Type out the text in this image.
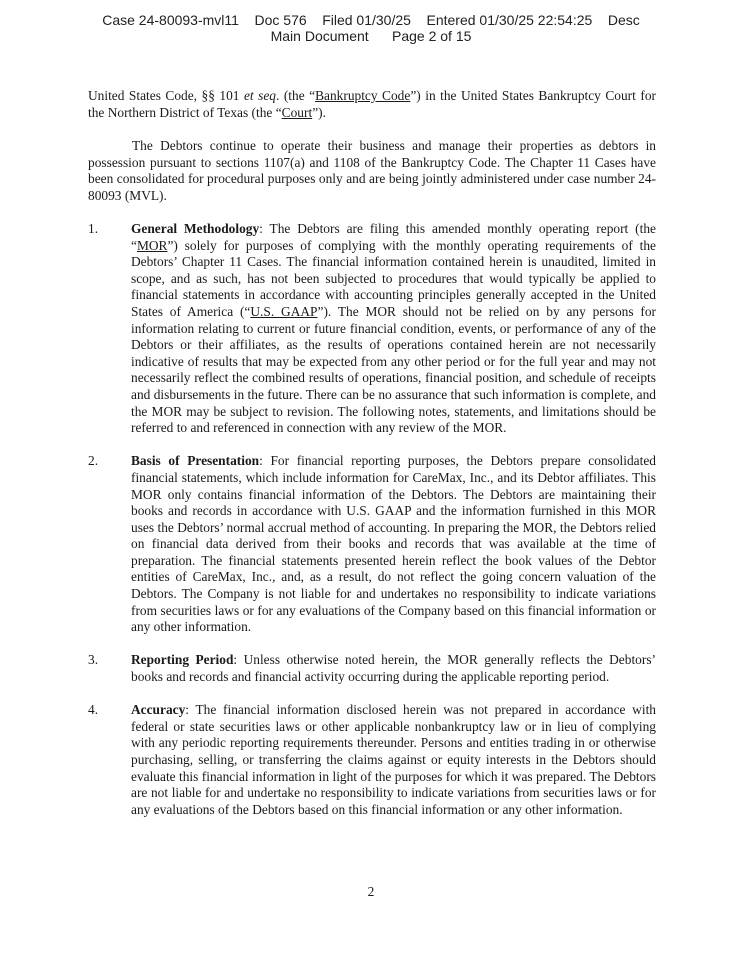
Case 24-80093-mvl11    Doc 576    Filed 01/30/25    Entered 01/30/25 22:54:25    Desc
Main Document      Page 2 of 15

United States Code, §§ 101 et seq. (the “Bankruptcy Code”) in the United States Bankruptcy Court for the Northern District of Texas (the “Court”).

The Debtors continue to operate their business and manage their properties as debtors in possession pursuant to sections 1107(a) and 1108 of the Bankruptcy Code. The Chapter 11 Cases have been consolidated for procedural purposes only and are being jointly administered under case number 24-80093 (MVL).

1. General Methodology: The Debtors are filing this amended monthly operating report (the “MOR”) solely for purposes of complying with the monthly operating requirements of the Debtors’ Chapter 11 Cases. The financial information contained herein is unaudited, limited in scope, and as such, has not been subjected to procedures that would typically be applied to financial statements in accordance with accounting principles generally accepted in the United States of America (“U.S. GAAP”). The MOR should not be relied on by any persons for information relating to current or future financial condition, events, or performance of any of the Debtors or their affiliates, as the results of operations contained herein are not necessarily indicative of results that may be expected from any other period or for the full year and may not necessarily reflect the combined results of operations, financial position, and schedule of receipts and disbursements in the future. There can be no assurance that such information is complete, and the MOR may be subject to revision. The following notes, statements, and limitations should be referred to and referenced in connection with any review of the MOR.
2. Basis of Presentation: For financial reporting purposes, the Debtors prepare consolidated financial statements, which include information for CareMax, Inc., and its Debtor affiliates. This MOR only contains financial information of the Debtors. The Debtors are maintaining their books and records in accordance with U.S. GAAP and the information furnished in this MOR uses the Debtors’ normal accrual method of accounting. In preparing the MOR, the Debtors relied on financial data derived from their books and records that was available at the time of preparation. The financial statements presented herein reflect the book values of the Debtor entities of CareMax, Inc., and, as a result, do not reflect the going concern valuation of the Debtors. The Company is not liable for and undertakes no responsibility to indicate variations from securities laws or for any evaluations of the Company based on this financial information or any other information.
3. Reporting Period: Unless otherwise noted herein, the MOR generally reflects the Debtors’ books and records and financial activity occurring during the applicable reporting period.
4. Accuracy: The financial information disclosed herein was not prepared in accordance with federal or state securities laws or other applicable nonbankruptcy law or in lieu of complying with any periodic reporting requirements thereunder. Persons and entities trading in or otherwise purchasing, selling, or transferring the claims against or equity interests in the Debtors should evaluate this financial information in light of the purposes for which it was prepared. The Debtors are not liable for and undertake no responsibility to indicate variations from securities laws or for any evaluations of the Debtors based on this financial information or any other information.
2
